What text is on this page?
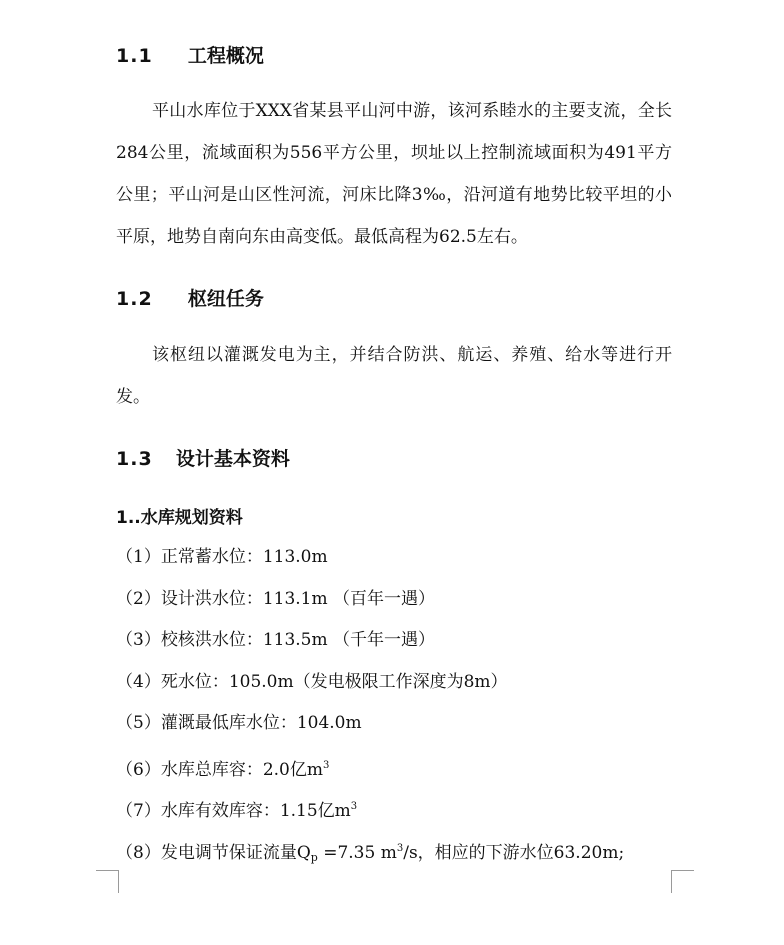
1.1 工程概况
平山水库位于XXX省某县平山河中游，该河系睦水的主要支流，全长284公里，流域面积为556平方公里，坝址以上控制流域面积为491平方公里；平山河是山区性河流，河床比降3‰，沿河道有地势比较平坦的小平原，地势自南向东由高变低。最低高程为62.5左右。
1.2 枢纽任务
该枢纽以灌溉发电为主，并结合防洪、航运、养殖、给水等进行开发。
1.3 设计基本资料
1..水库规划资料
（1）正常蓄水位：113.0m
（2）设计洪水位：113.1m （百年一遇）
（3）校核洪水位：113.5m （千年一遇）
（4）死水位：105.0m（发电极限工作深度为8m）
（5）灌溉最低库水位：104.0m
（6）水库总库容：2.0亿$m^3$
（7）水库有效库容：1.15亿$m^3$
（8）发电调节保证流量$Q_p =7.35$ $m^3/s$，相应的下游水位63.20m;
